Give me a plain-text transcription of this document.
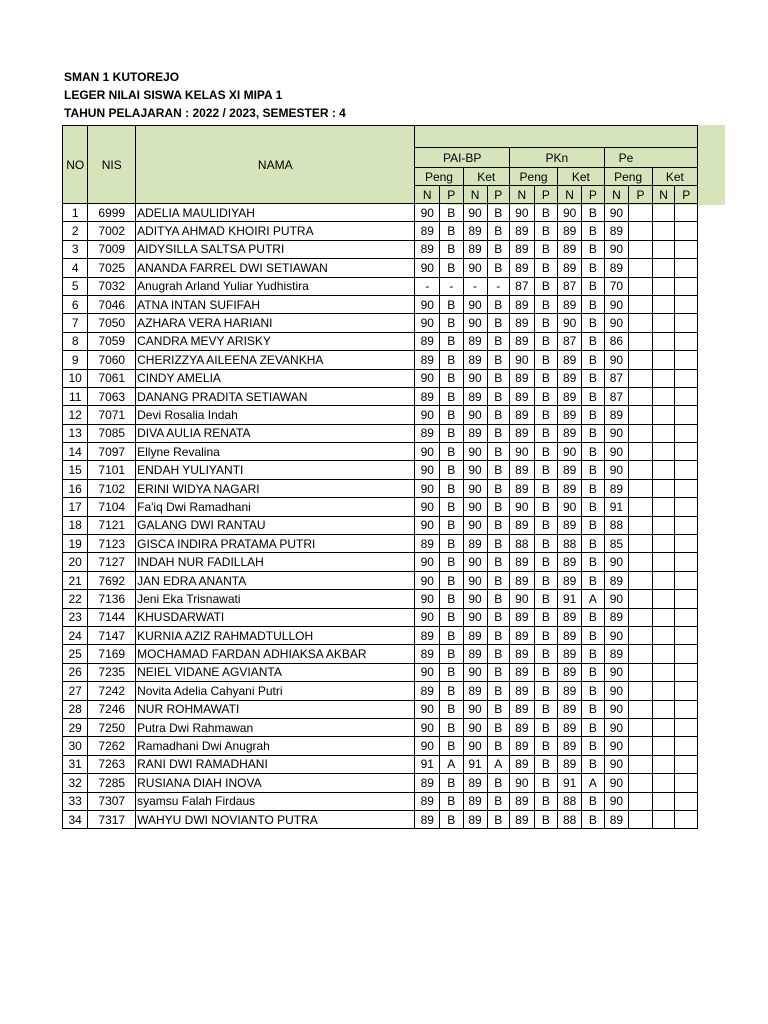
SMAN 1 KUTOREJO
LEGER NILAI SISWA KELAS XI MIPA 1
TAHUN PELAJARAN : 2022 / 2023, SEMESTER : 4
NO	NIS	NAMA												
			PAI-BP				PKn				Pe			
			Peng		Ket		Peng		Ket		Peng		Ket	
			N	P	N	P	N	P	N	P	N	P	N	P
1	6999	ADELIA MAULIDIYAH	90	B	90	B	90	B	90	B	90			
2	7002	ADITYA AHMAD KHOIRI PUTRA	89	B	89	B	89	B	89	B	89			
3	7009	AIDYSILLA SALTSA PUTRI	89	B	89	B	89	B	89	B	90			
4	7025	ANANDA FARREL DWI SETIAWAN	90	B	90	B	89	B	89	B	89			
5	7032	Anugrah Arland Yuliar Yudhistira	-	-	-	-	87	B	87	B	70			
6	7046	ATNA INTAN SUFIFAH	90	B	90	B	89	B	89	B	90			
7	7050	AZHARA VERA HARIANI	90	B	90	B	89	B	90	B	90			
8	7059	CANDRA MEVY ARISKY	89	B	89	B	89	B	87	B	86			
9	7060	CHERIZZYA AILEENA ZEVANKHA	89	B	89	B	90	B	89	B	90			
10	7061	CINDY AMELIA	90	B	90	B	89	B	89	B	87			
11	7063	DANANG PRADITA SETIAWAN	89	B	89	B	89	B	89	B	87			
12	7071	Devi Rosalia Indah	90	B	90	B	89	B	89	B	89			
13	7085	DIVA AULIA RENATA	89	B	89	B	89	B	89	B	90			
14	7097	Ellyne Revalina	90	B	90	B	90	B	90	B	90			
15	7101	ENDAH YULIYANTI	90	B	90	B	89	B	89	B	90			
16	7102	ERINI WIDYA NAGARI	90	B	90	B	89	B	89	B	89			
17	7104	Fa'iq Dwi Ramadhani	90	B	90	B	90	B	90	B	91			
18	7121	GALANG DWI RANTAU	90	B	90	B	89	B	89	B	88			
19	7123	GISCA INDIRA PRATAMA PUTRI	89	B	89	B	88	B	88	B	85			
20	7127	INDAH NUR FADILLAH	90	B	90	B	89	B	89	B	90			
21	7692	JAN EDRA ANANTA	90	B	90	B	89	B	89	B	89			
22	7136	Jeni Eka Trisnawati	90	B	90	B	90	B	91	A	90			
23	7144	KHUSDARWATI	90	B	90	B	89	B	89	B	89			
24	7147	KURNIA AZIZ RAHMADTULLOH	89	B	89	B	89	B	89	B	90			
25	7169	MOCHAMAD FARDAN ADHIAKSA AKBAR	89	B	89	B	89	B	89	B	89			
26	7235	NEIEL VIDANE AGVIANTA	90	B	90	B	89	B	89	B	90			
27	7242	Novita Adelia Cahyani Putri	89	B	89	B	89	B	89	B	90			
28	7246	NUR ROHMAWATI	90	B	90	B	89	B	89	B	90			
29	7250	Putra Dwi Rahmawan	90	B	90	B	89	B	89	B	90			
30	7262	Ramadhani Dwi Anugrah	90	B	90	B	89	B	89	B	90			
31	7263	RANI DWI RAMADHANI	91	A	91	A	89	B	89	B	90			
32	7285	RUSIANA DIAH INOVA	89	B	89	B	90	B	91	A	90			
33	7307	syamsu Falah Firdaus	89	B	89	B	89	B	88	B	90			
34	7317	WAHYU DWI NOVIANTO PUTRA	89	B	89	B	89	B	88	B	89			
